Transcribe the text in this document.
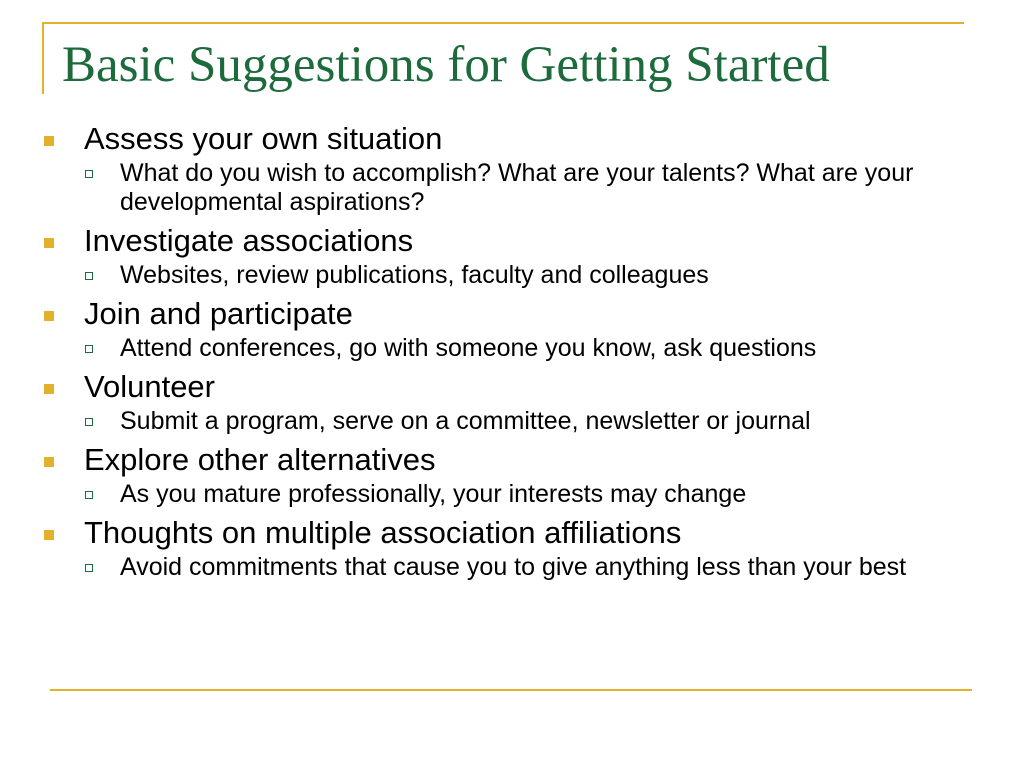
Basic Suggestions for Getting Started
Assess your own situation
What do you wish to accomplish? What are your talents? What are your developmental aspirations?
Investigate associations
Websites, review publications, faculty and colleagues
Join and participate
Attend conferences, go with someone you know, ask questions
Volunteer
Submit a program, serve on a committee, newsletter or journal
Explore other alternatives
As you mature professionally, your interests may change
Thoughts on multiple association affiliations
Avoid commitments that cause you to give anything less than your best
